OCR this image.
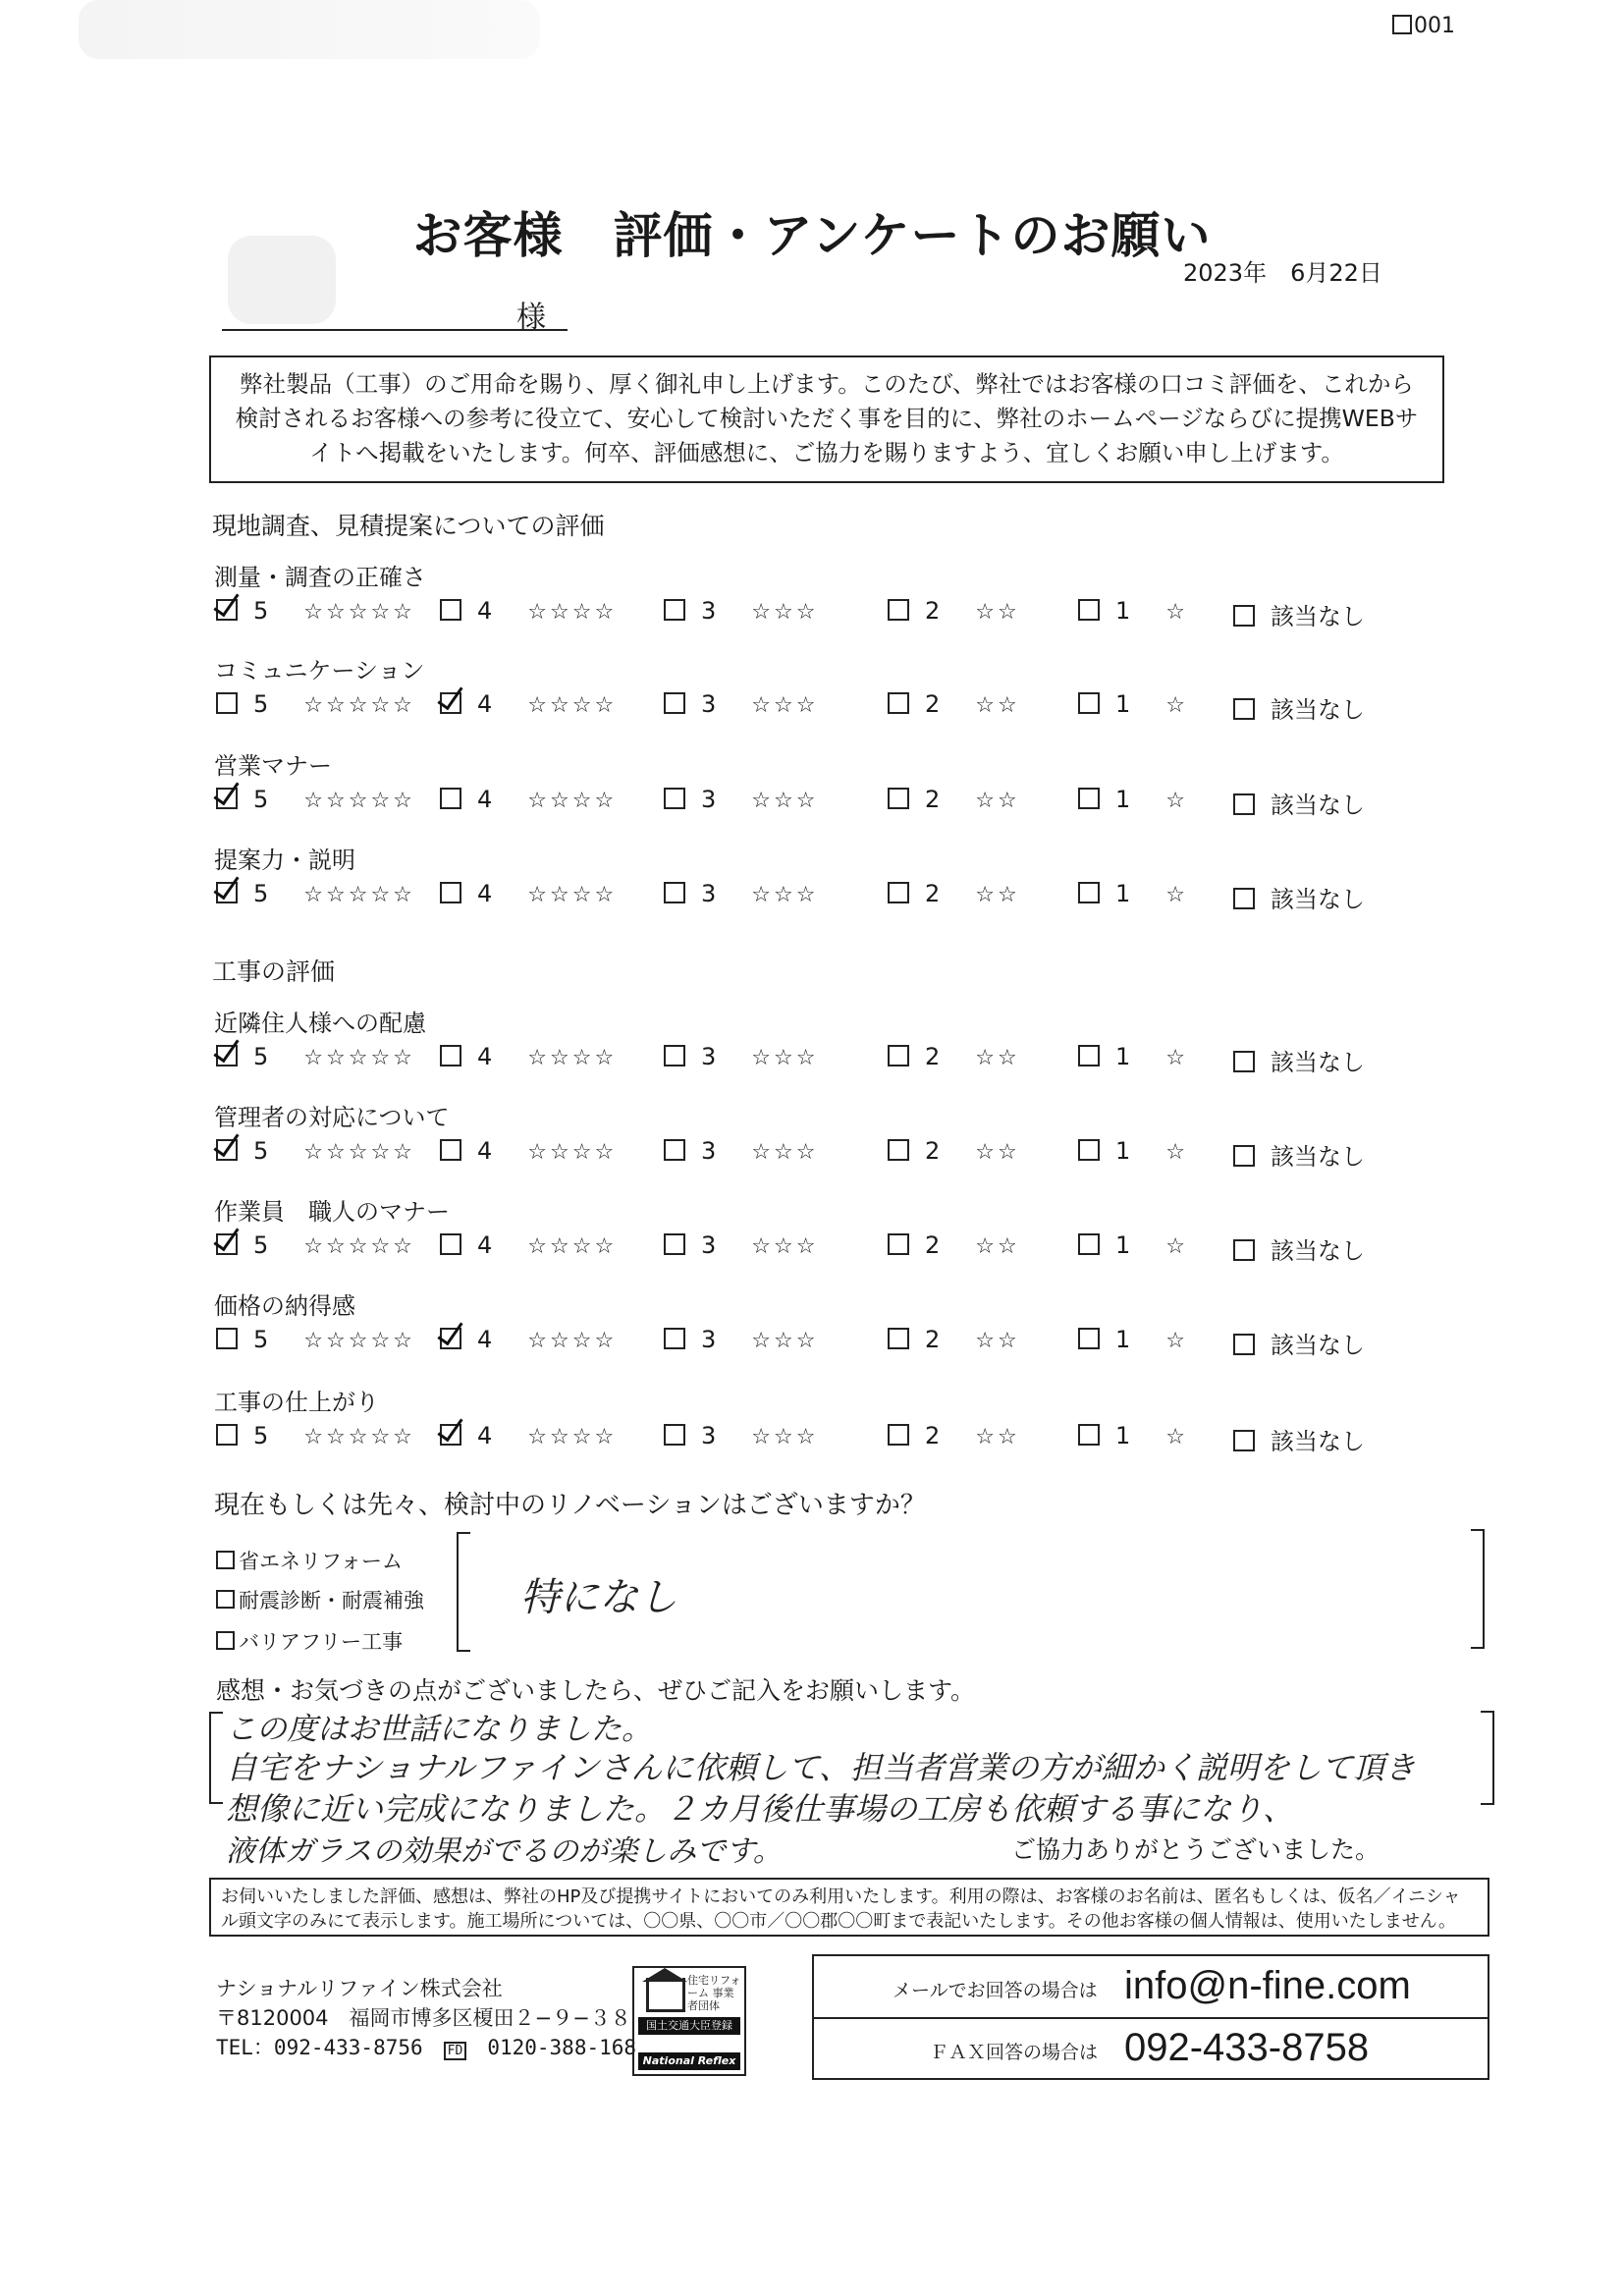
001
お客様　評価・アンケートのお願い
2023年　6月22日
様
弊社製品（工事）のご用命を賜り、厚く御礼申し上げます。このたび、弊社ではお客様の口コミ評価を、これから検討されるお客様への参考に役立て、安心して検討いただく事を目的に、弊社のホームページならびに提携WEBサイトへ掲載をいたします。何卒、評価感想に、ご協力を賜りますよう、宜しくお願い申し上げます。
現地調査、見積提案についての評価
測量・調査の正確さ
5 ☆☆☆☆☆	4 ☆☆☆☆	3 ☆☆☆	2 ☆☆	1 ☆	該当なし
コミュニケーション
5 ☆☆☆☆☆	4 ☆☆☆☆	3 ☆☆☆	2 ☆☆	1 ☆	該当なし
営業マナー
5 ☆☆☆☆☆	4 ☆☆☆☆	3 ☆☆☆	2 ☆☆	1 ☆	該当なし
提案力・説明
5 ☆☆☆☆☆	4 ☆☆☆☆	3 ☆☆☆	2 ☆☆	1 ☆	該当なし
工事の評価
近隣住人様への配慮
5 ☆☆☆☆☆	4 ☆☆☆☆	3 ☆☆☆	2 ☆☆	1 ☆	該当なし
管理者の対応について
5 ☆☆☆☆☆	4 ☆☆☆☆	3 ☆☆☆	2 ☆☆	1 ☆	該当なし
作業員　職人のマナー
5 ☆☆☆☆☆	4 ☆☆☆☆	3 ☆☆☆	2 ☆☆	1 ☆	該当なし
価格の納得感
5 ☆☆☆☆☆	4 ☆☆☆☆	3 ☆☆☆	2 ☆☆	1 ☆	該当なし
工事の仕上がり
5 ☆☆☆☆☆	4 ☆☆☆☆	3 ☆☆☆	2 ☆☆	1 ☆	該当なし
現在もしくは先々、検討中のリノベーションはございますか？
省エネリフォーム
耐震診断・耐震補強
バリアフリー工事
特になし
感想・お気づきの点がございましたら、ぜひご記入をお願いします。
この度はお世話になりました。
自宅をナショナルファインさんに依頼して、担当者営業の方が細かく説明をして頂き
想像に近い完成になりました。２カ月後仕事場の工房も依頼する事になり、
液体ガラスの効果がでるのが楽しみです。	ご協力ありがとうございました。
お伺いいたしました評価、感想は、弊社のHP及び提携サイトにおいてのみ利用いたします。利用の際は、お客様のお名前は、匿名もしくは、仮名／イニシャル頭文字のみにて表示します。施工場所については、〇〇県、〇〇市／〇〇郡〇〇町まで表記いたします。その他お客様の個人情報は、使用いたしません。
ナショナルリファイン株式会社
〒8120004　福岡市博多区榎田２−９−３８
TEL：092-433-8756　 FD　 0120-388-168
住宅リフォーム 事業者団体
国土交通大臣登録
National Reflex
メールでお回答の場合は info@n-fine.com
ＦＡＸ回答の場合は 092-433-8758
